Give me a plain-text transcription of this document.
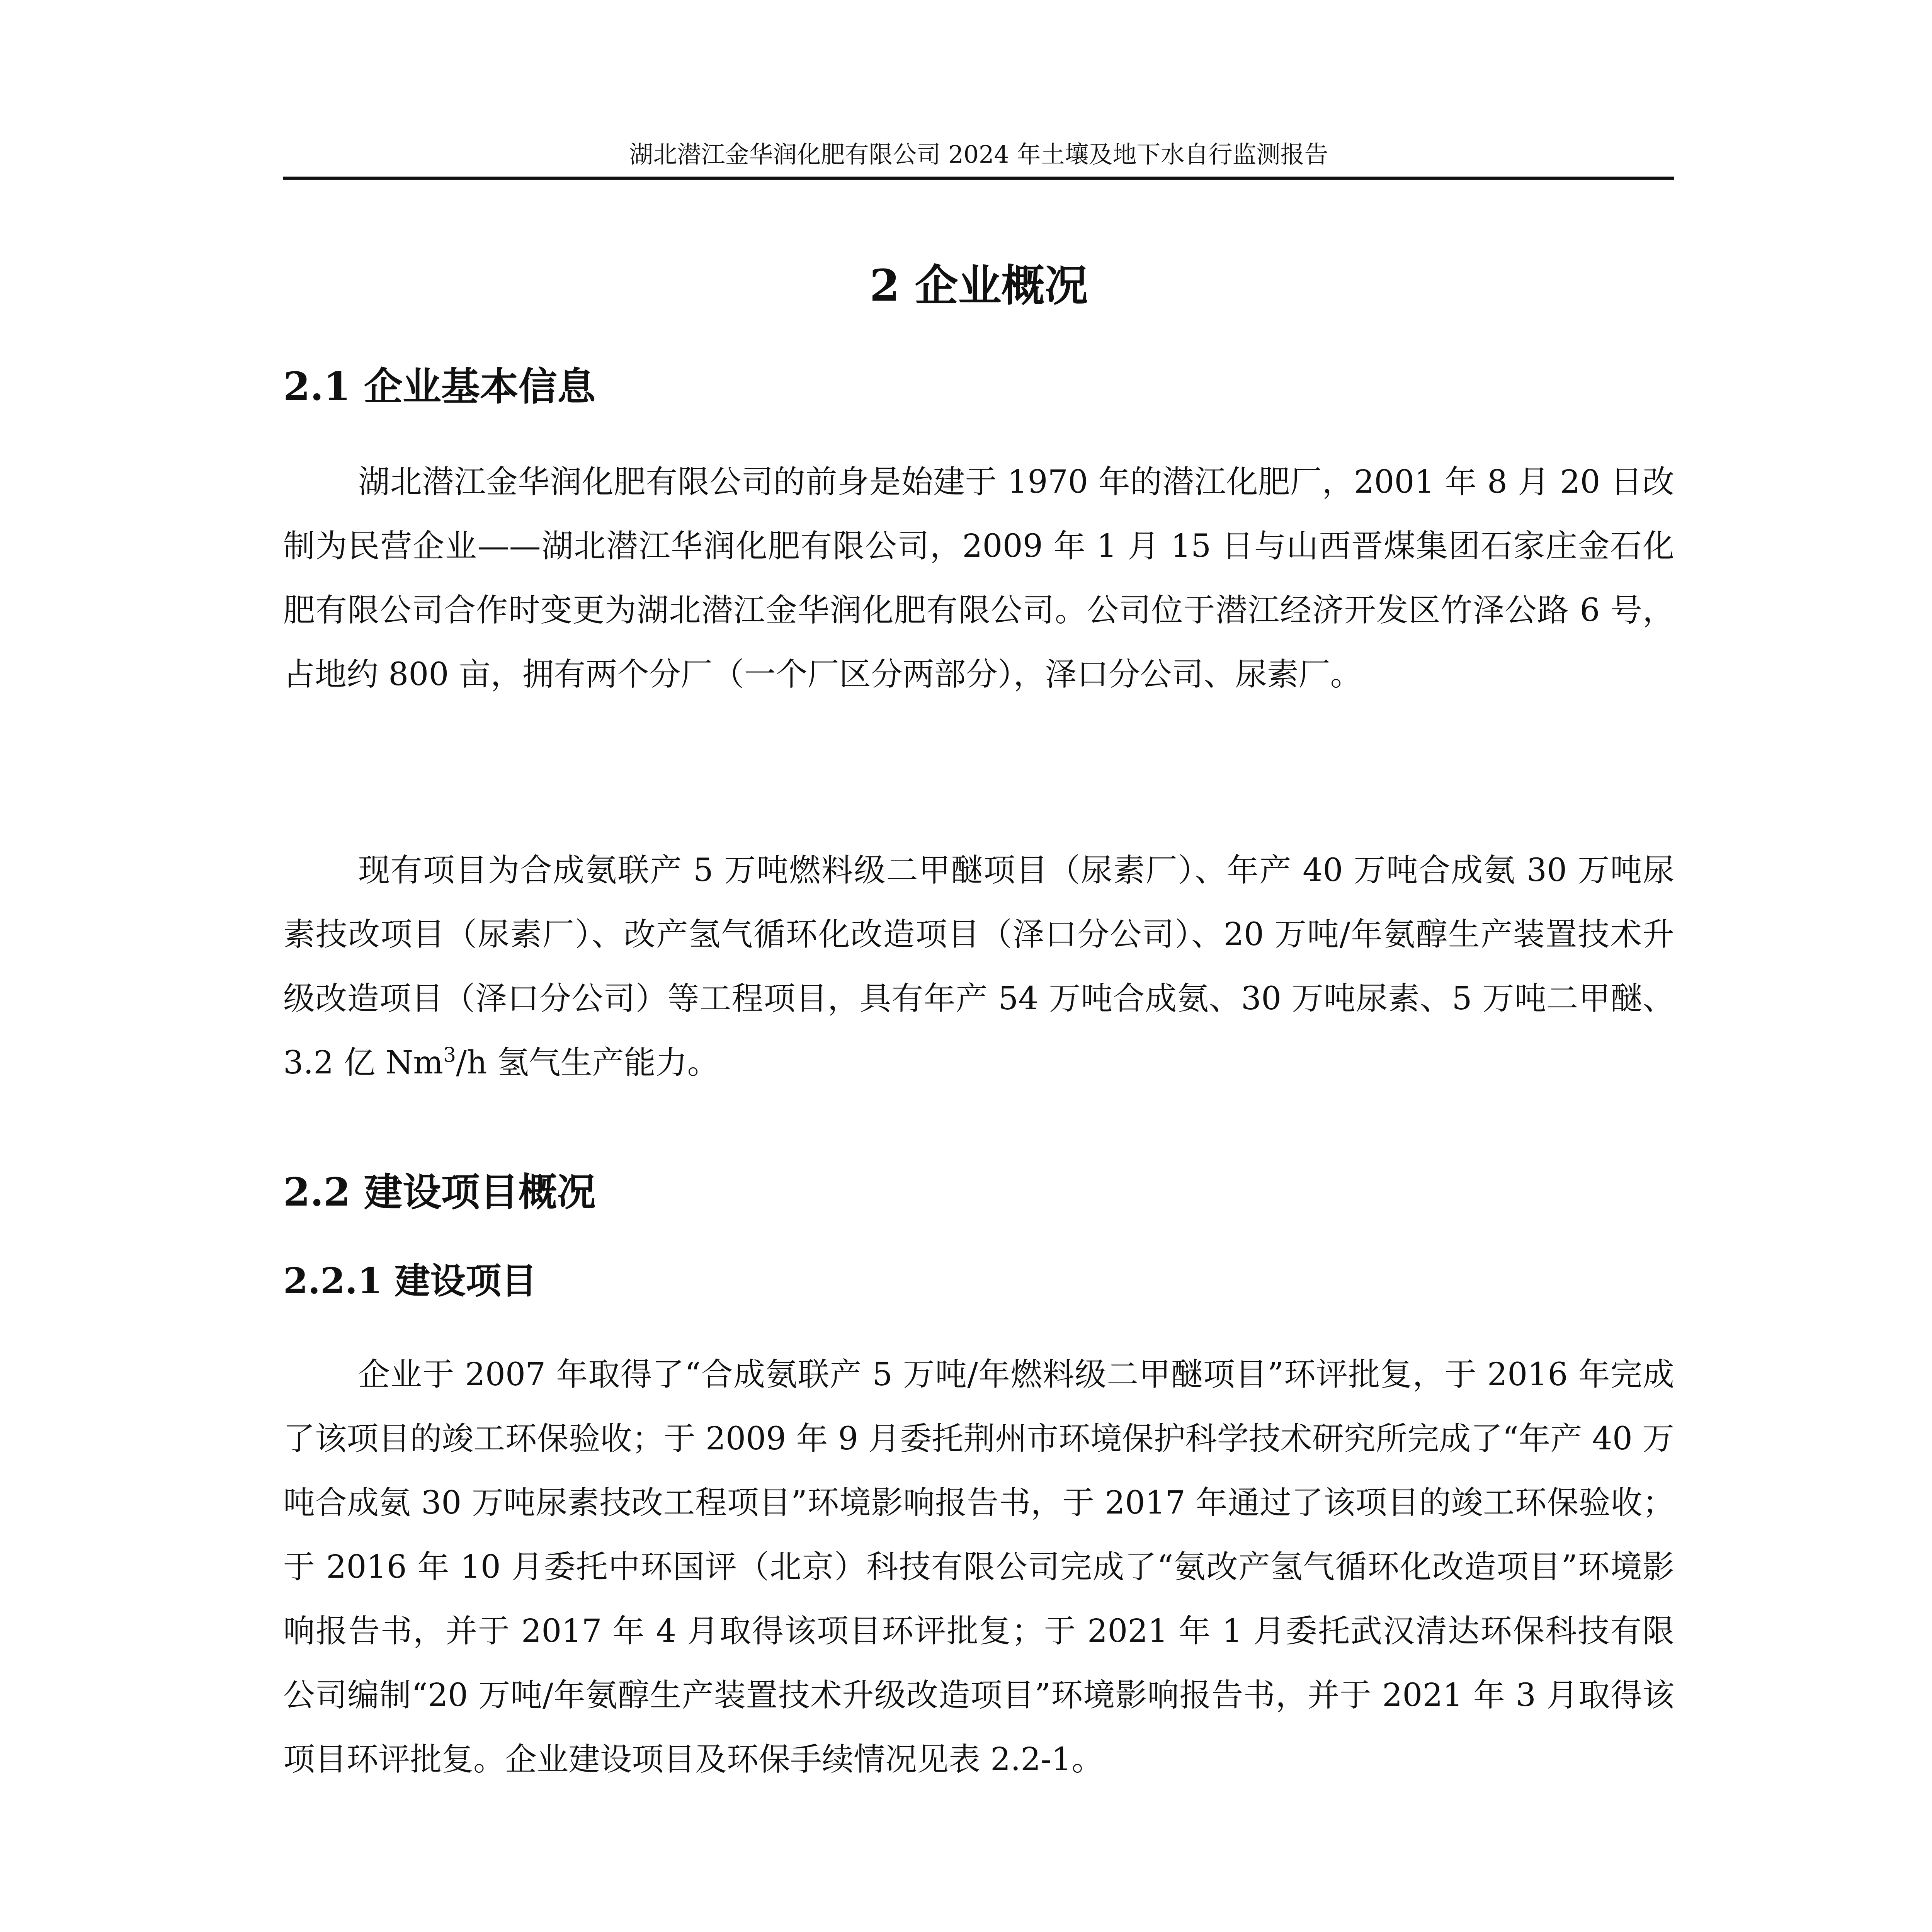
湖北潜江金华润化肥有限公司 2024 年土壤及地下水自行监测报告
2 企业概况
2.1 企业基本信息

湖北潜江金华润化肥有限公司的前身是始建于 1970 年的潜江化肥厂，2001 年 8 月 20 日改制为民营企业——湖北潜江华润化肥有限公司，2009 年 1 月 15 日与山西晋煤集团石家庄金石化肥有限公司合作时变更为湖北潜江金华润化肥有限公司。公司位于潜江经济开发区竹泽公路 6 号，占地约 800 亩，拥有两个分厂（一个厂区分两部分），泽口分公司、尿素厂。

现有项目为合成氨联产 5 万吨燃料级二甲醚项目（尿素厂）、年产 40 万吨合成氨 30 万吨尿素技改项目（尿素厂）、改产氢气循环化改造项目（泽口分公司）、20 万吨/年氨醇生产装置技术升级改造项目（泽口分公司）等工程项目，具有年产 54 万吨合成氨、30 万吨尿素、5 万吨二甲醚、3.2 亿 Nm$^3$/h 氢气生产能力。

2.2 建设项目概况
2.2.1 建设项目

企业于 2007 年取得了“合成氨联产 5 万吨/年燃料级二甲醚项目”环评批复，于 2016 年完成了该项目的竣工环保验收；于 2009 年 9 月委托荆州市环境保护科学技术研究所完成了“年产 40 万吨合成氨 30 万吨尿素技改工程项目”环境影响报告书，于 2017 年通过了该项目的竣工环保验收；于 2016 年 10 月委托中环国评（北京）科技有限公司完成了“氨改产氢气循环化改造项目”环境影响报告书，并于 2017 年 4 月取得该项目环评批复；于 2021 年 1 月委托武汉清达环保科技有限公司编制“20 万吨/年氨醇生产装置技术升级改造项目”环境影响报告书，并于 2021 年 3 月取得该项目环评批复。企业建设项目及环保手续情况见表 2.2-1。
